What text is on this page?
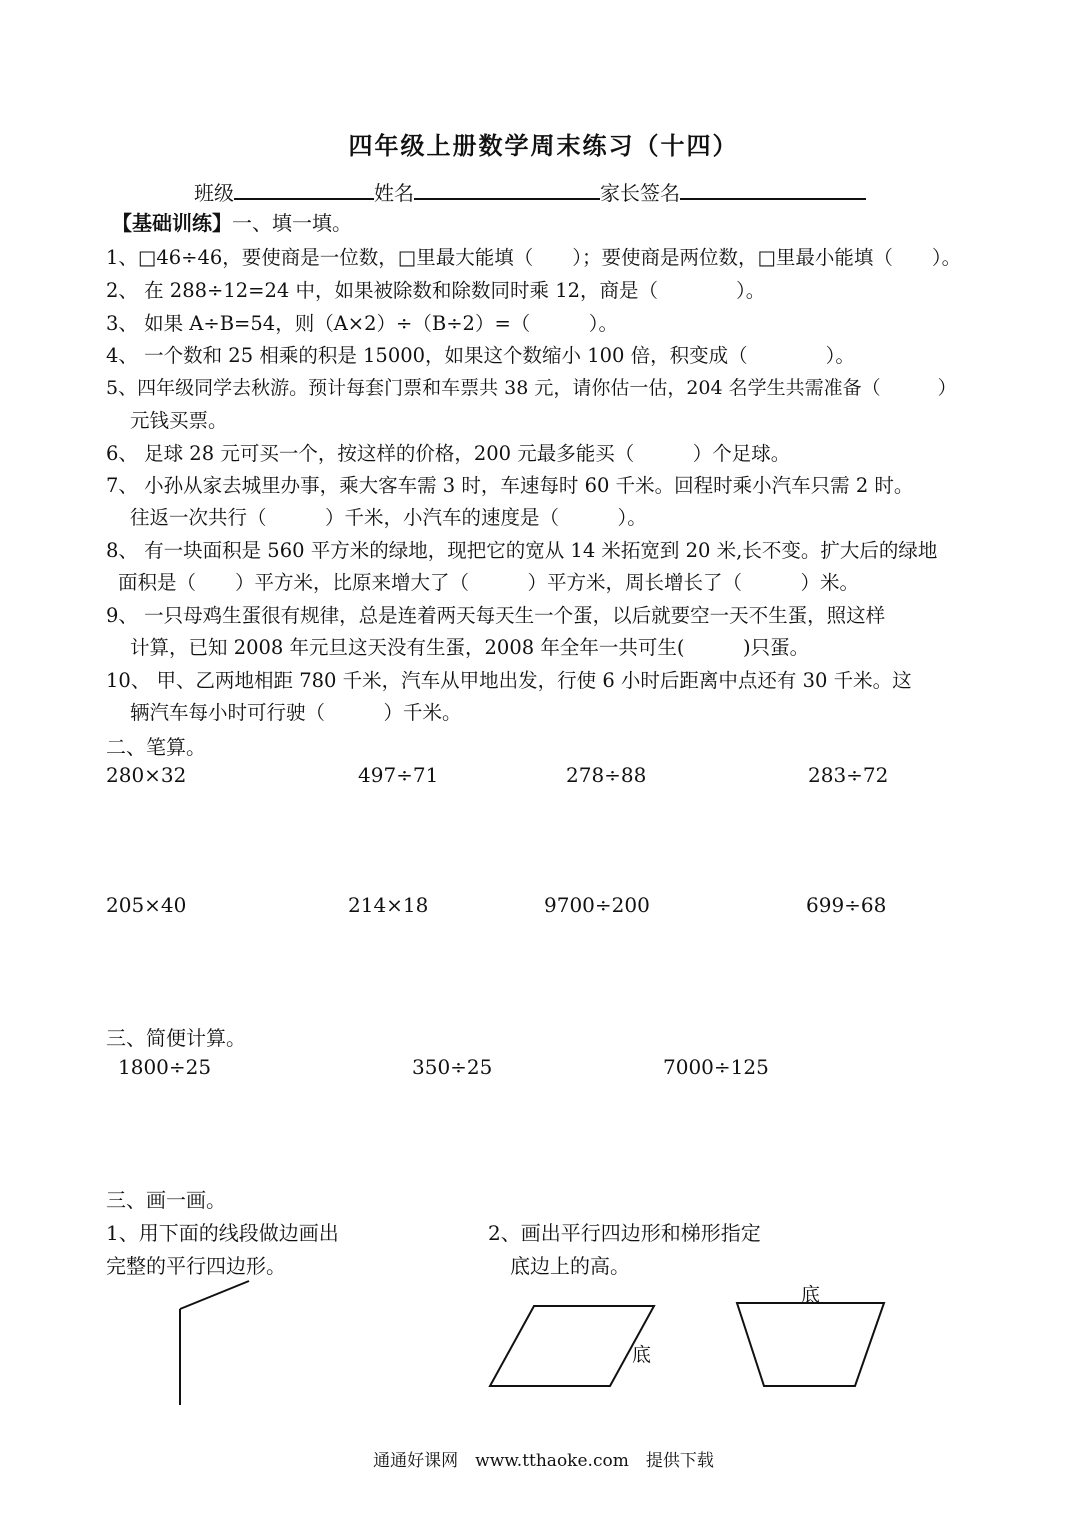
四年级上册数学周末练习（十四）
班级	姓名	家长签名
【基础训练】一、填一填。
1、□46÷46，要使商是一位数，□里最大能填（　　）；要使商是两位数，□里最小能填（　　）。
2、 在 288÷12=24 中，如果被除数和除数同时乘 12，商是（　　　　）。
3、 如果 A÷B=54，则（A×2）÷（B÷2）=（　　　）。
4、 一个数和 25 相乘的积是 15000，如果这个数缩小 100 倍，积变成（　　　　）。
5、四年级同学去秋游。预计每套门票和车票共 38 元，请你估一估，204 名学生共需准备（　　　）
元钱买票。
6、 足球 28 元可买一个，按这样的价格，200 元最多能买（　　　）个足球。
7、 小孙从家去城里办事，乘大客车需 3 时，车速每时 60 千米。回程时乘小汽车只需 2 时。
往返一次共行（　　　）千米，小汽车的速度是（　　　）。
8、 有一块面积是 560 平方米的绿地，现把它的宽从 14 米拓宽到 20 米,长不变。扩大后的绿地
面积是（　　）平方米，比原来增大了（　　　）平方米，周长增长了（　　　）米。
9、 一只母鸡生蛋很有规律，总是连着两天每天生一个蛋，以后就要空一天不生蛋，照这样
计算，已知 2008 年元旦这天没有生蛋，2008 年全年一共可生(　　　)只蛋。
10、 甲、乙两地相距 780 千米，汽车从甲地出发，行使 6 小时后距离中点还有 30 千米。这
辆汽车每小时可行驶（　　　）千米。
二、笔算。
280×32	497÷71	278÷88	283÷72
205×40	214×18	9700÷200	699÷68
三、简便计算。
1800÷25	350÷25	7000÷125
三、画一画。
1、用下面的线段做边画出
完整的平行四边形。
2、画出平行四边形和梯形指定
底边上的高。
底
底
通通好课网　www.tthaoke.com　提供下载
